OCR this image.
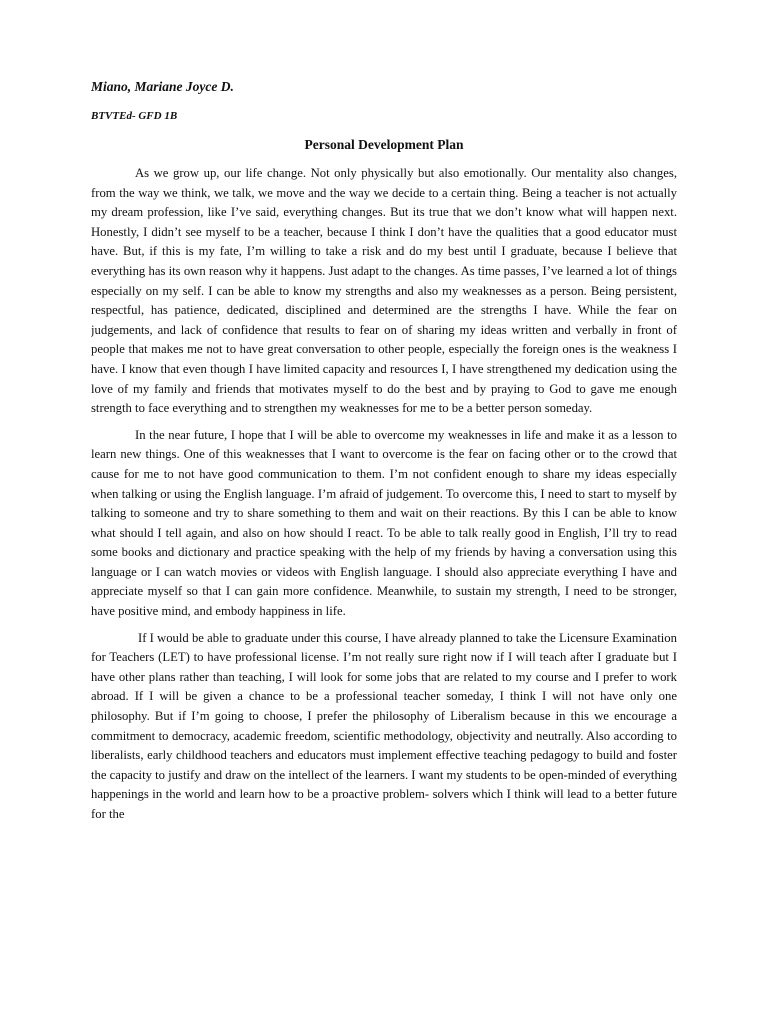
Miano, Mariane Joyce D.

BTVTEd- GFD 1B

Personal Development Plan

As we grow up, our life change. Not only physically but also emotionally. Our mentality also changes, from the way we think, we talk, we move and the way we decide to a certain thing. Being a teacher is not actually my dream profession, like I’ve said, everything changes. But its true that we don’t know what will happen next. Honestly, I didn’t see myself to be a teacher, because I think I don’t have the qualities that a good educator must have. But, if this is my fate, I’m willing to take a risk and do my best until I graduate, because I believe that everything has its own reason why it happens. Just adapt to the changes. As time passes, I’ve learned a lot of things especially on my self. I can be able to know my strengths and also my weaknesses as a person. Being persistent, respectful, has patience, dedicated, disciplined and determined are the strengths I have. While the fear on judgements, and lack of confidence that results to fear on of sharing my ideas written and verbally in front of people that makes me not to have great conversation to other people, especially the foreign ones is the weakness I have. I know that even though I have limited capacity and resources I, I have strengthened my dedication using the love of my family and friends that motivates myself to do the best and by praying to God to gave me enough strength to face everything and to strengthen my weaknesses for me to be a better person someday.

In the near future, I hope that I will be able to overcome my weaknesses in life and make it as a lesson to learn new things. One of this weaknesses that I want to overcome is the fear on facing other or to the crowd that cause for me to not have good communication to them. I’m not confident enough to share my ideas especially when talking or using the English language. I’m afraid of judgement. To overcome this, I need to start to myself by talking to someone and try to share something to them and wait on their reactions. By this I can be able to know what should I tell again, and also on how should I react. To be able to talk really good in English, I’ll try to read some books and dictionary and practice speaking with the help of my friends by having a conversation using this language or I can watch movies or videos with English language. I should also appreciate everything I have and appreciate myself so that I can gain more confidence. Meanwhile, to sustain my strength, I need to be stronger, have positive mind, and embody happiness in life.

If I would be able to graduate under this course, I have already planned to take the Licensure Examination for Teachers (LET) to have professional license. I’m not really sure right now if I will teach after I graduate but I have other plans rather than teaching, I will look for some jobs that are related to my course and I prefer to work abroad. If I will be given a chance to be a professional teacher someday, I think I will not have only one philosophy. But if I’m going to choose, I prefer the philosophy of Liberalism because in this we encourage a commitment to democracy, academic freedom, scientific methodology, objectivity and neutrally. Also according to liberalists, early childhood teachers and educators must implement effective teaching pedagogy to build and foster the capacity to justify and draw on the intellect of the learners. I want my students to be open-minded of everything happenings in the world and learn how to be a proactive problem- solvers which I think will lead to a better future for the
